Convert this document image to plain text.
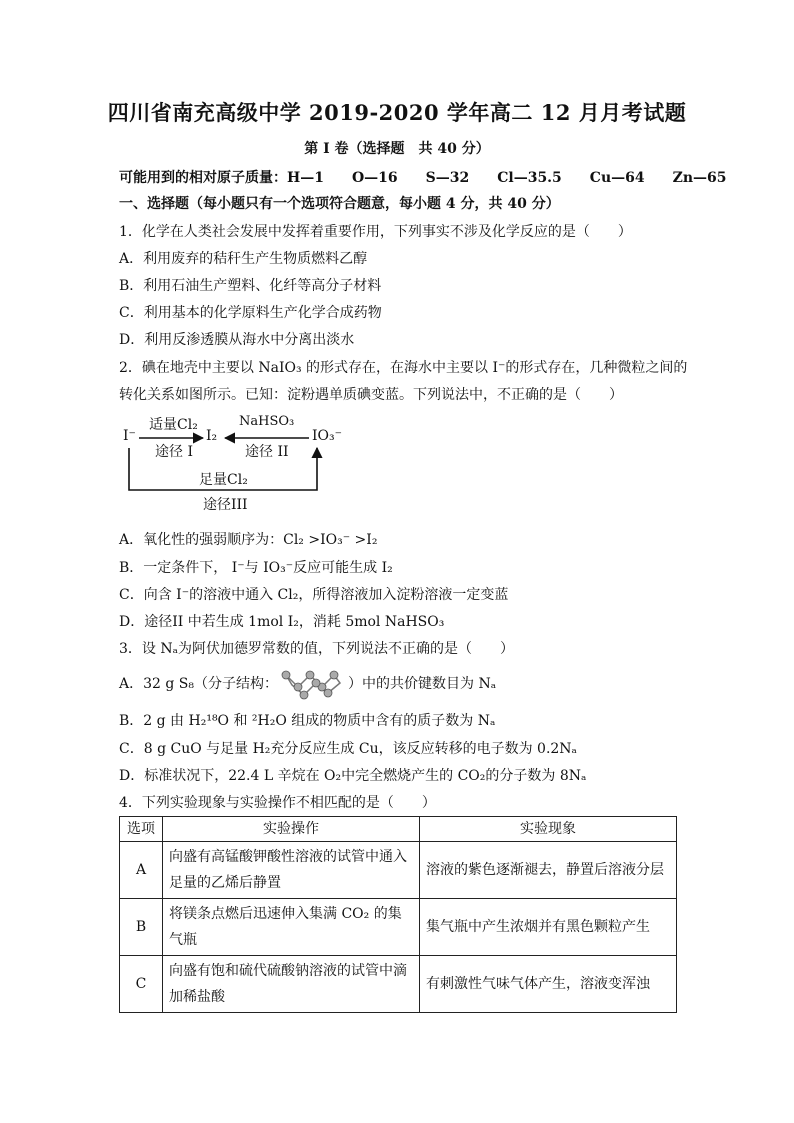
四川省南充高级中学 2019-2020 学年高二 12 月月考试题
第 I 卷（选择题　共 40 分）
可能用到的相对原子质量：H—1　　O—16　　S—32　　Cl—35.5　　Cu—64　　Zn—65
一、选择题（每小题只有一个选项符合题意，每小题 4 分，共 40 分）
1．化学在人类社会发展中发挥着重要作用，下列事实不涉及化学反应的是（　　）
A．利用废弃的秸秆生产生物质燃料乙醇
B．利用石油生产塑料、化纤等高分子材料
C．利用基本的化学原料生产化学合成药物
D．利用反渗透膜从海水中分离出淡水
2．碘在地壳中主要以 NaIO₃ 的形式存在，在海水中主要以 I⁻的形式存在，几种微粒之间的
转化关系如图所示。已知：淀粉遇单质碘变蓝。下列说法中，不正确的是（　　）
I⁻	I₂	IO₃⁻
适量Cl₂
途径 I
NaHSO₃
途径 II
足量Cl₂
途径III
A．氧化性的强弱顺序为：Cl₂ >IO₃⁻ >I₂
B．一定条件下， I⁻与 IO₃⁻反应可能生成 I₂
C．向含 I⁻的溶液中通入 Cl₂，所得溶液加入淀粉溶液一定变蓝
D．途径II 中若生成 1mol I₂，消耗 5mol NaHSO₃
3．设 Nₐ为阿伏加德罗常数的值，下列说法不正确的是（　　）
A．32 g S₈（分子结构：	）中的共价键数目为 Nₐ
B．2 g 由 H₂¹⁸O 和 ²H₂O 组成的物质中含有的质子数为 Nₐ
C．8 g CuO 与足量 H₂充分反应生成 Cu，该反应转移的电子数为 0.2Nₐ
D．标准状况下，22.4 L 辛烷在 O₂中完全燃烧产生的 CO₂的分子数为 8Nₐ
4．下列实验现象与实验操作不相匹配的是（　　）
选项	实验操作	实验现象
A	向盛有高锰酸钾酸性溶液的试管中通入足量的乙烯后静置	溶液的紫色逐渐褪去，静置后溶液分层
B	将镁条点燃后迅速伸入集满 CO₂ 的集气瓶	集气瓶中产生浓烟并有黑色颗粒产生
C	向盛有饱和硫代硫酸钠溶液的试管中滴加稀盐酸	有刺激性气味气体产生，溶液变浑浊
